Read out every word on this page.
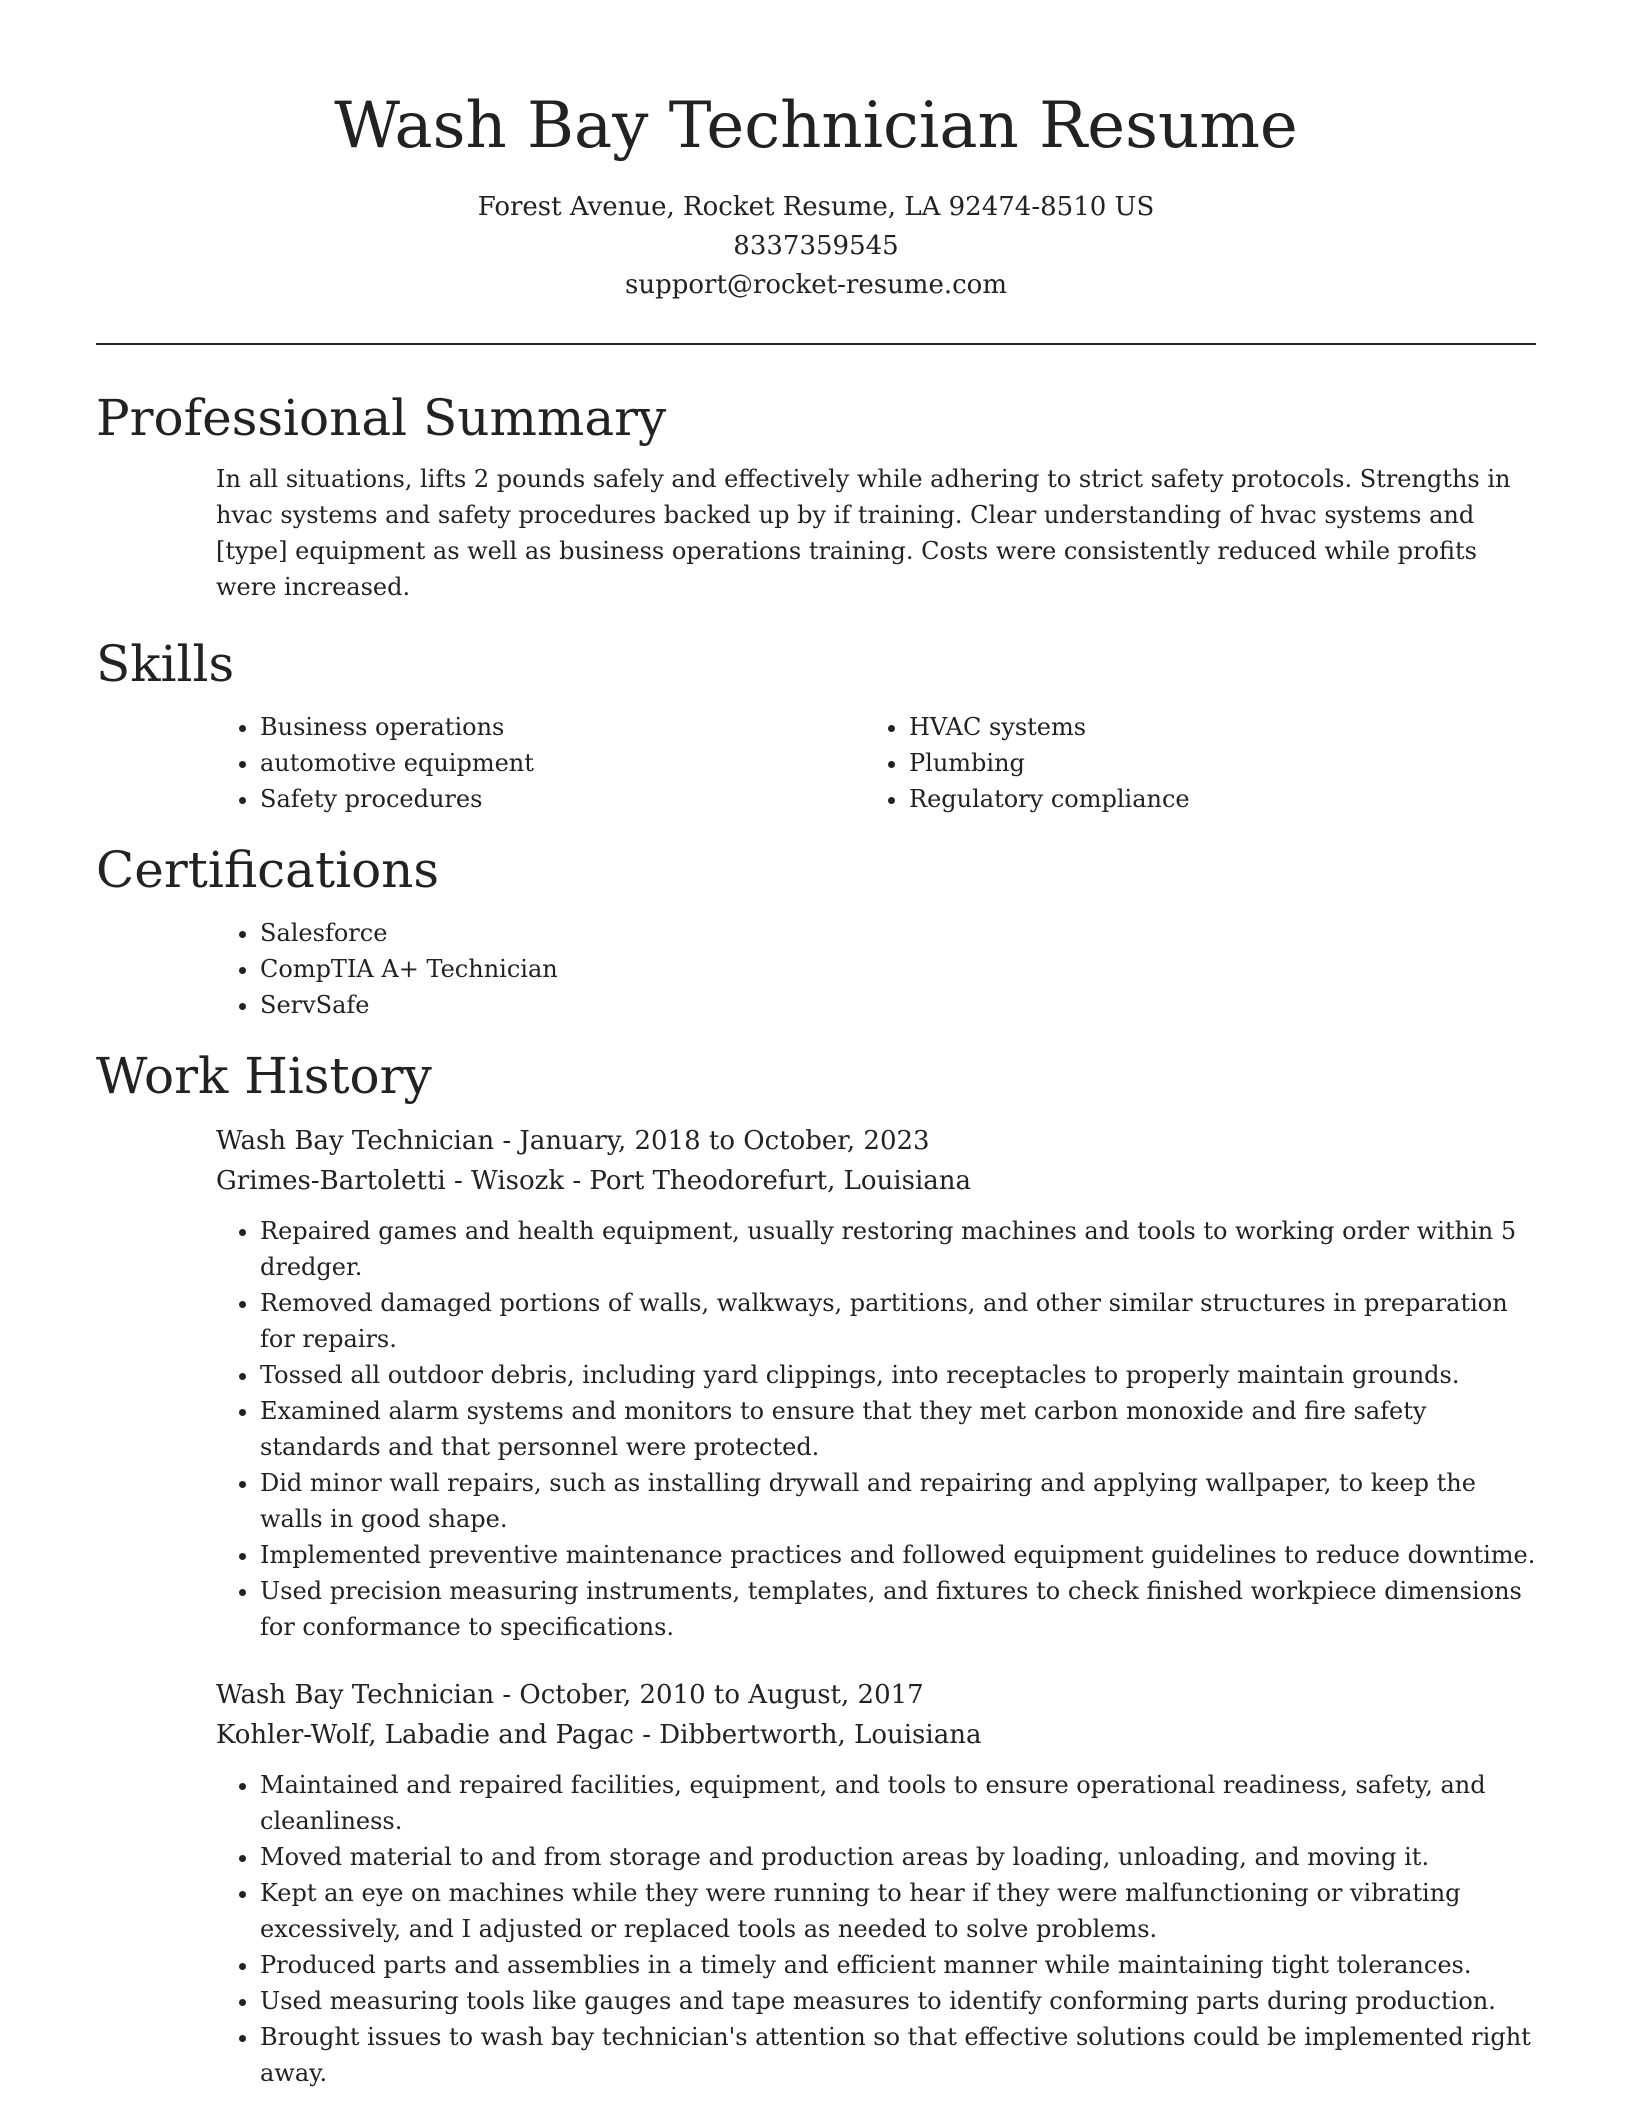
Wash Bay Technician Resume
Forest Avenue, Rocket Resume, LA 92474-8510 US
8337359545
support@rocket-resume.com
Professional Summary

In all situations, lifts 2 pounds safely and effectively while adhering to strict safety protocols. Strengths in hvac systems and safety procedures backed up by if training. Clear understanding of hvac systems and [type] equipment as well as business operations training. Costs were consistently reduced while profits were increased.

Skills
• Business operations
• automotive equipment
• Safety procedures
• HVAC systems
• Plumbing
• Regulatory compliance
Certifications
• Salesforce
• CompTIA A+ Technician
• ServSafe
Work History
Wash Bay Technician - January, 2018 to October, 2023
Grimes-Bartoletti - Wisozk - Port Theodorefurt, Louisiana
• Repaired games and health equipment, usually restoring machines and tools to working order within 5 dredger.
• Removed damaged portions of walls, walkways, partitions, and other similar structures in preparation for repairs.
• Tossed all outdoor debris, including yard clippings, into receptacles to properly maintain grounds.
• Examined alarm systems and monitors to ensure that they met carbon monoxide and fire safety standards and that personnel were protected.
• Did minor wall repairs, such as installing drywall and repairing and applying wallpaper, to keep the walls in good shape.
• Implemented preventive maintenance practices and followed equipment guidelines to reduce downtime.
• Used precision measuring instruments, templates, and fixtures to check finished workpiece dimensions for conformance to specifications.
Wash Bay Technician - October, 2010 to August, 2017
Kohler-Wolf, Labadie and Pagac - Dibbertworth, Louisiana
• Maintained and repaired facilities, equipment, and tools to ensure operational readiness, safety, and cleanliness.
• Moved material to and from storage and production areas by loading, unloading, and moving it.
• Kept an eye on machines while they were running to hear if they were malfunctioning or vibrating excessively, and I adjusted or replaced tools as needed to solve problems.
• Produced parts and assemblies in a timely and efficient manner while maintaining tight tolerances.
• Used measuring tools like gauges and tape measures to identify conforming parts during production.
• Brought issues to wash bay technician's attention so that effective solutions could be implemented right away.
